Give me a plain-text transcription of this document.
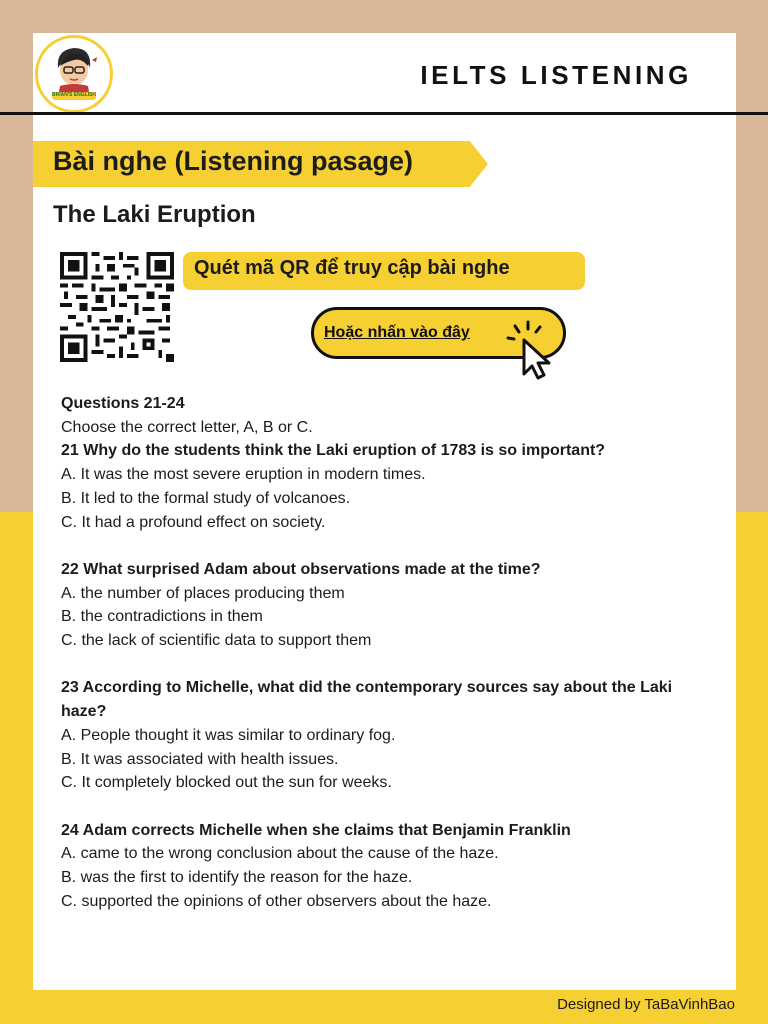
BRIAN'S ENGLISH
IELTS LISTENING
Bài nghe (Listening pasage)
The Laki Eruption
Quét mã QR để truy cập bài nghe
Hoặc nhấn vào đây

Questions 21-24

Choose the correct letter, A, B or C.

21 Why do the students think the Laki eruption of 1783 is so important?

A. It was the most severe eruption in modern times.

B. It led to the formal study of volcanoes.

C. It had a profound effect on society.

22 What surprised Adam about observations made at the time?

A. the number of places producing them

B. the contradictions in them

C. the lack of scientific data to support them

23 According to Michelle, what did the contemporary sources say about the Laki haze?

A. People thought it was similar to ordinary fog.

B. It was associated with health issues.

C. It completely blocked out the sun for weeks.

24 Adam corrects Michelle when she claims that Benjamin Franklin

A. came to the wrong conclusion about the cause of the haze.

B. was the first to identify the reason for the haze.

C. supported the opinions of other observers about the haze.

Designed by TaBaVinhBao
